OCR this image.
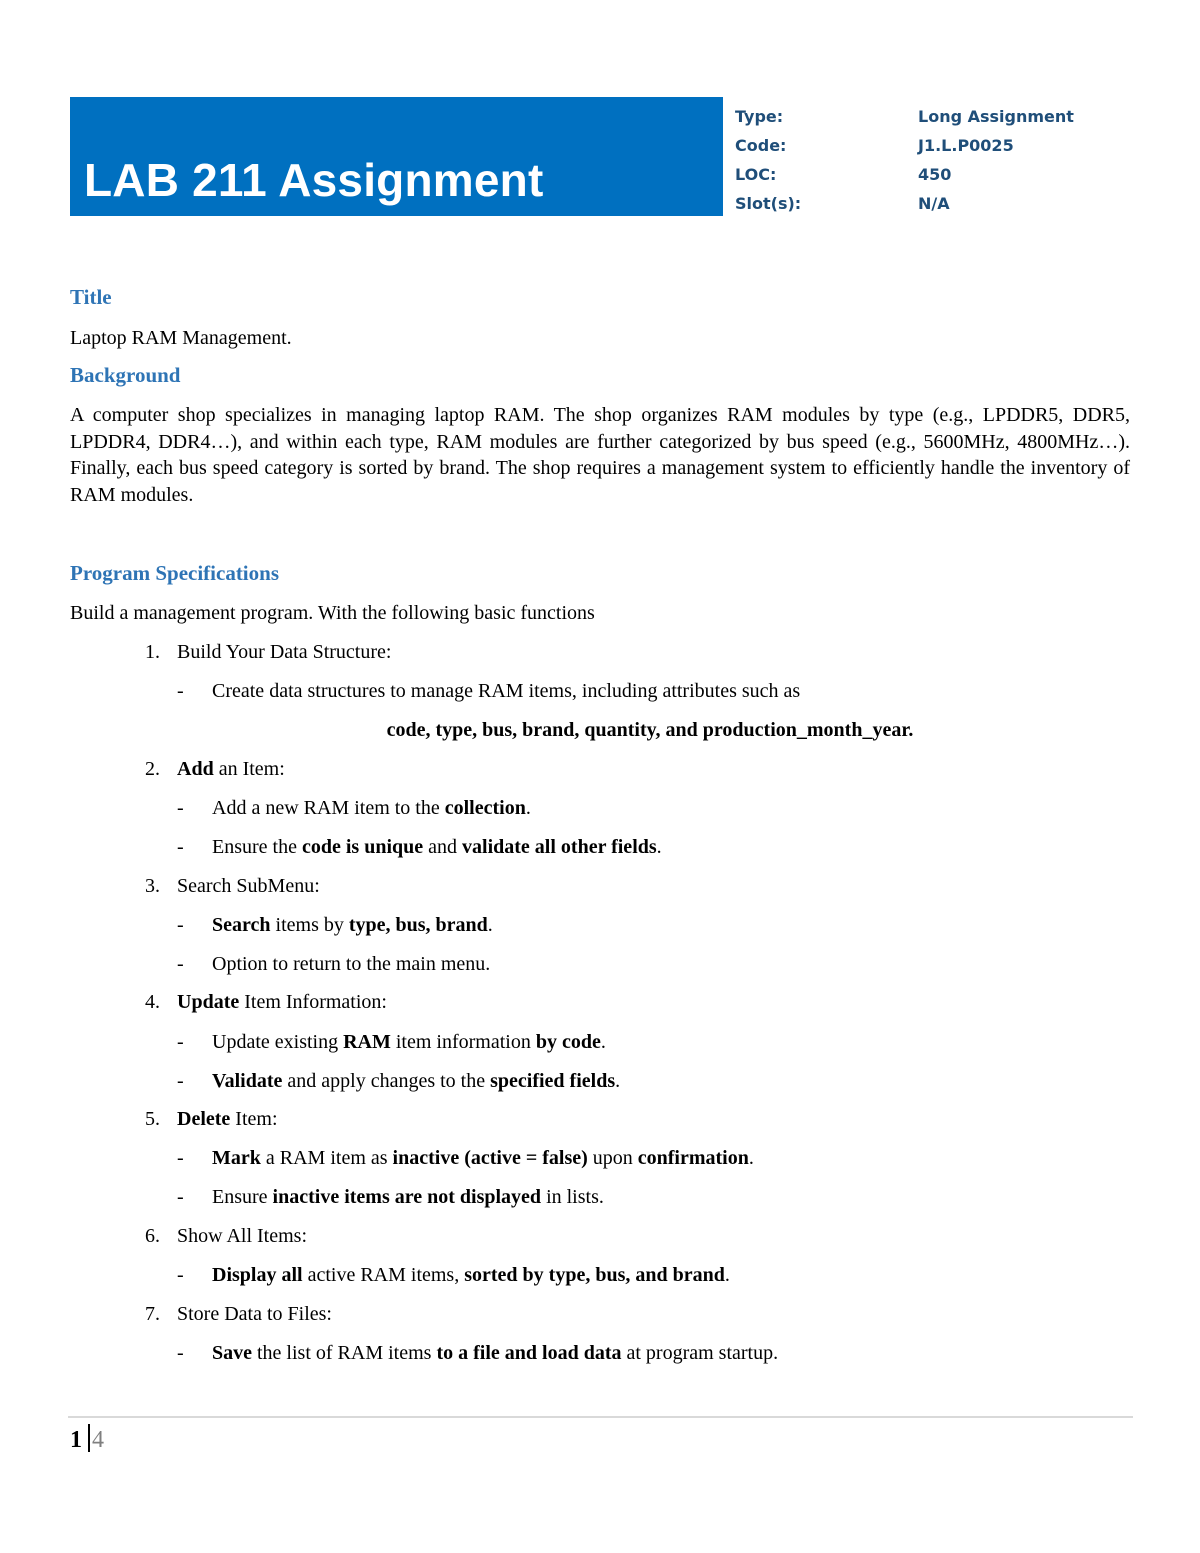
LAB 211 Assignment
Type:	Long Assignment
Code:	J1.L.P0025
LOC:	450
Slot(s):	N/A
Title
Laptop RAM Management.
Background
A computer shop specializes in managing laptop RAM. The shop organizes RAM modules by type (e.g., LPDDR5, DDR5, LPDDR4, DDR4…), and within each type, RAM modules are further categorized by bus speed (e.g., 5600MHz, 4800MHz…). Finally, each bus speed category is sorted by brand. The shop requires a management system to efficiently handle the inventory of RAM modules.
Program Specifications
Build a management program. With the following basic functions
1. Build Your Data Structure:
- Create data structures to manage RAM items, including attributes such as
code, type, bus, brand, quantity, and production_month_year.
2. Add an Item:
- Add a new RAM item to the collection.
- Ensure the code is unique and validate all other fields.
3. Search SubMenu:
- Search items by type, bus, brand.
- Option to return to the main menu.
4. Update Item Information:
- Update existing RAM item information by code.
- Validate and apply changes to the specified fields.
5. Delete Item:
- Mark a RAM item as inactive (active = false) upon confirmation.
- Ensure inactive items are not displayed in lists.
6. Show All Items:
- Display all active RAM items, sorted by type, bus, and brand.
7. Store Data to Files:
- Save the list of RAM items to a file and load data at program startup.
1 4
